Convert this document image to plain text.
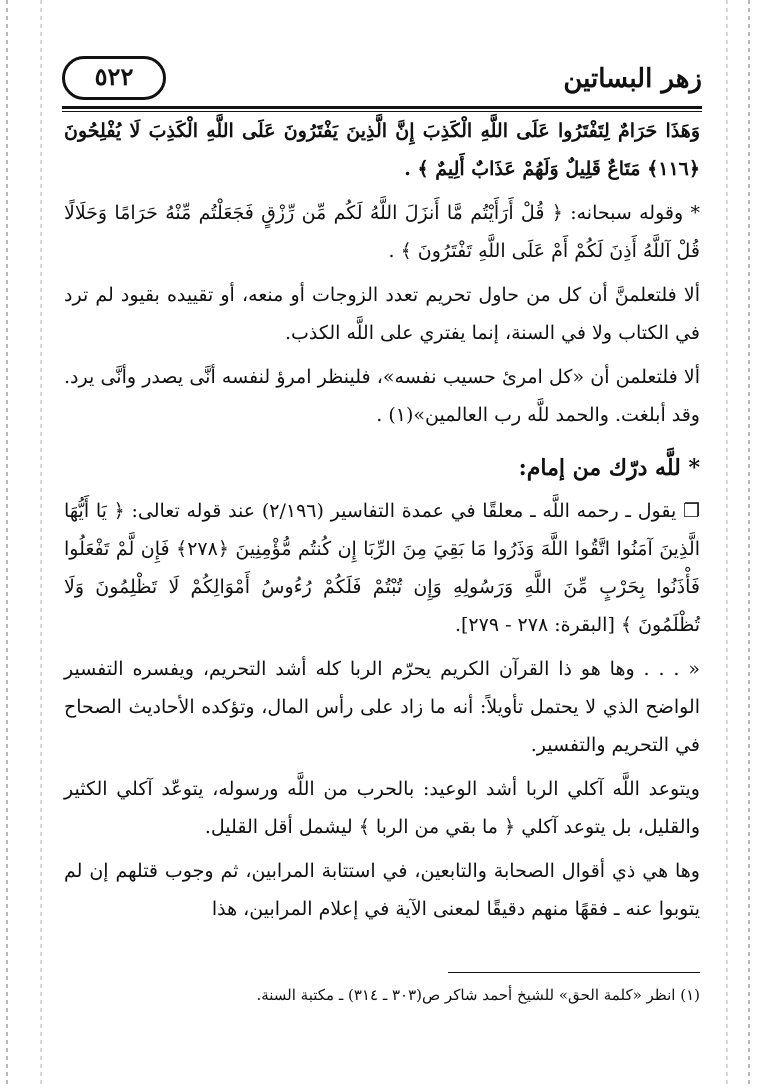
زهر البساتين
٥٢٢

وَهَذَا حَرَامٌ لِتَفْتَرُوا عَلَى اللَّهِ الْكَذِبَ إِنَّ الَّذِينَ يَفْتَرُونَ عَلَى اللَّهِ الْكَذِبَ لَا يُفْلِحُونَ ﴿١١٦﴾ مَتَاعٌ قَلِيلٌ وَلَهُمْ عَذَابٌ أَلِيمٌ ﴾ .

* وقوله سبحانه: ﴿ قُلْ أَرَأَيْتُم مَّا أَنزَلَ اللَّهُ لَكُم مِّن رِّزْقٍ فَجَعَلْتُم مِّنْهُ حَرَامًا وَحَلَالًا قُلْ آللَّهُ أَذِنَ لَكُمْ أَمْ عَلَى اللَّهِ تَفْتَرُونَ ﴾ .

ألا فلتعلمنَّ أن كل من حاول تحريم تعدد الزوجات أو منعه، أو تقييده بقيود لم ترد في الكتاب ولا في السنة، إنما يفتري على اللَّه الكذب.

ألا فلتعلمن أن «كل امرئ حسيب نفسه»، فلينظر امرؤ لنفسه أنَّى يصدر وأنَّى يرد. وقد أبلغت. والحمد للَّه رب العالمين»(١) .

* للَّه درّك من إمام:

❐ يقول ـ رحمه اللَّه ـ معلقًا في عمدة التفاسير (٢/١٩٦) عند قوله تعالى: ﴿ يَا أَيُّهَا الَّذِينَ آمَنُوا اتَّقُوا اللَّهَ وَذَرُوا مَا بَقِيَ مِنَ الرِّبَا إِن كُنتُم مُّؤْمِنِينَ ﴿٢٧٨﴾ فَإِن لَّمْ تَفْعَلُوا فَأْذَنُوا بِحَرْبٍ مِّنَ اللَّهِ وَرَسُولِهِ وَإِن تُبْتُمْ فَلَكُمْ رُءُوسُ أَمْوَالِكُمْ لَا تَظْلِمُونَ وَلَا تُظْلَمُونَ ﴾ [البقرة: ٢٧٨ - ٢٧٩].

« . . . وها هو ذا القرآن الكريم يحرّم الربا كله أشد التحريم، ويفسره التفسير الواضح الذي لا يحتمل تأويلاً: أنه ما زاد على رأس المال، وتؤكده الأحاديث الصحاح في التحريم والتفسير.

ويتوعد اللَّه آكلي الربا أشد الوعيد: بالحرب من اللَّه ورسوله، يتوعّد آكلي الكثير والقليل، بل يتوعد آكلي ﴿ ما بقي من الربا ﴾ ليشمل أقل القليل.

وها هي ذي أقوال الصحابة والتابعين، في استتابة المرابين، ثم وجوب قتلهم إن لم يتوبوا عنه ـ فقهًا منهم دقيقًا لمعنى الآية في إعلام المرابين، هذا

(١) انظر «كلمة الحق» للشيخ أحمد شاكر ص(٣٠٣ ـ ٣١٤) ـ مكتبة السنة.
